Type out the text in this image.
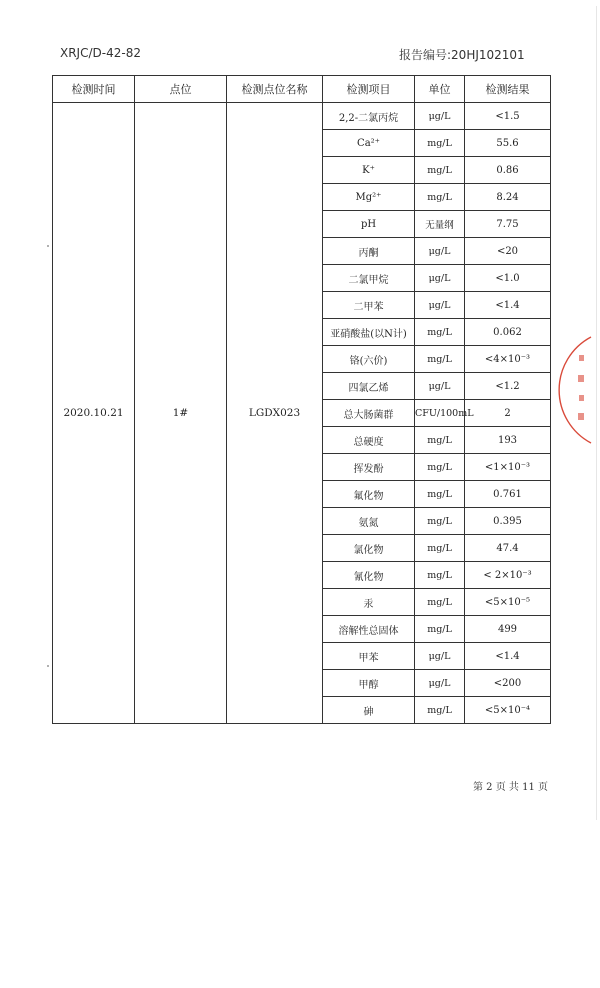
XRJC/D-42-82	报告编号:20HJ102101
检测时间	点位	检测点位名称	检测项目	单位	检测结果
2020.10.21	1#	LGDX023	2,2-二氯丙烷	μg/L	<1.5
			Ca²⁺	mg/L	55.6
			K⁺	mg/L	0.86
			Mg²⁺	mg/L	8.24
			pH	无量纲	7.75
			丙酮	μg/L	<20
			二氯甲烷	μg/L	<1.0
			二甲苯	μg/L	<1.4
			亚硝酸盐(以N计)	mg/L	0.062
			铬(六价)	mg/L	<4×10⁻³
			四氯乙烯	μg/L	<1.2
			总大肠菌群	CFU/100mL	2
			总硬度	mg/L	193
			挥发酚	mg/L	<1×10⁻³
			氟化物	mg/L	0.761
			氨氮	mg/L	0.395
			氯化物	mg/L	47.4
			氰化物	mg/L	< 2×10⁻³
			汞	mg/L	<5×10⁻⁵
			溶解性总固体	mg/L	499
			甲苯	μg/L	<1.4
			甲醇	μg/L	<200
			砷	mg/L	<5×10⁻⁴
第 2 页 共 11 页
